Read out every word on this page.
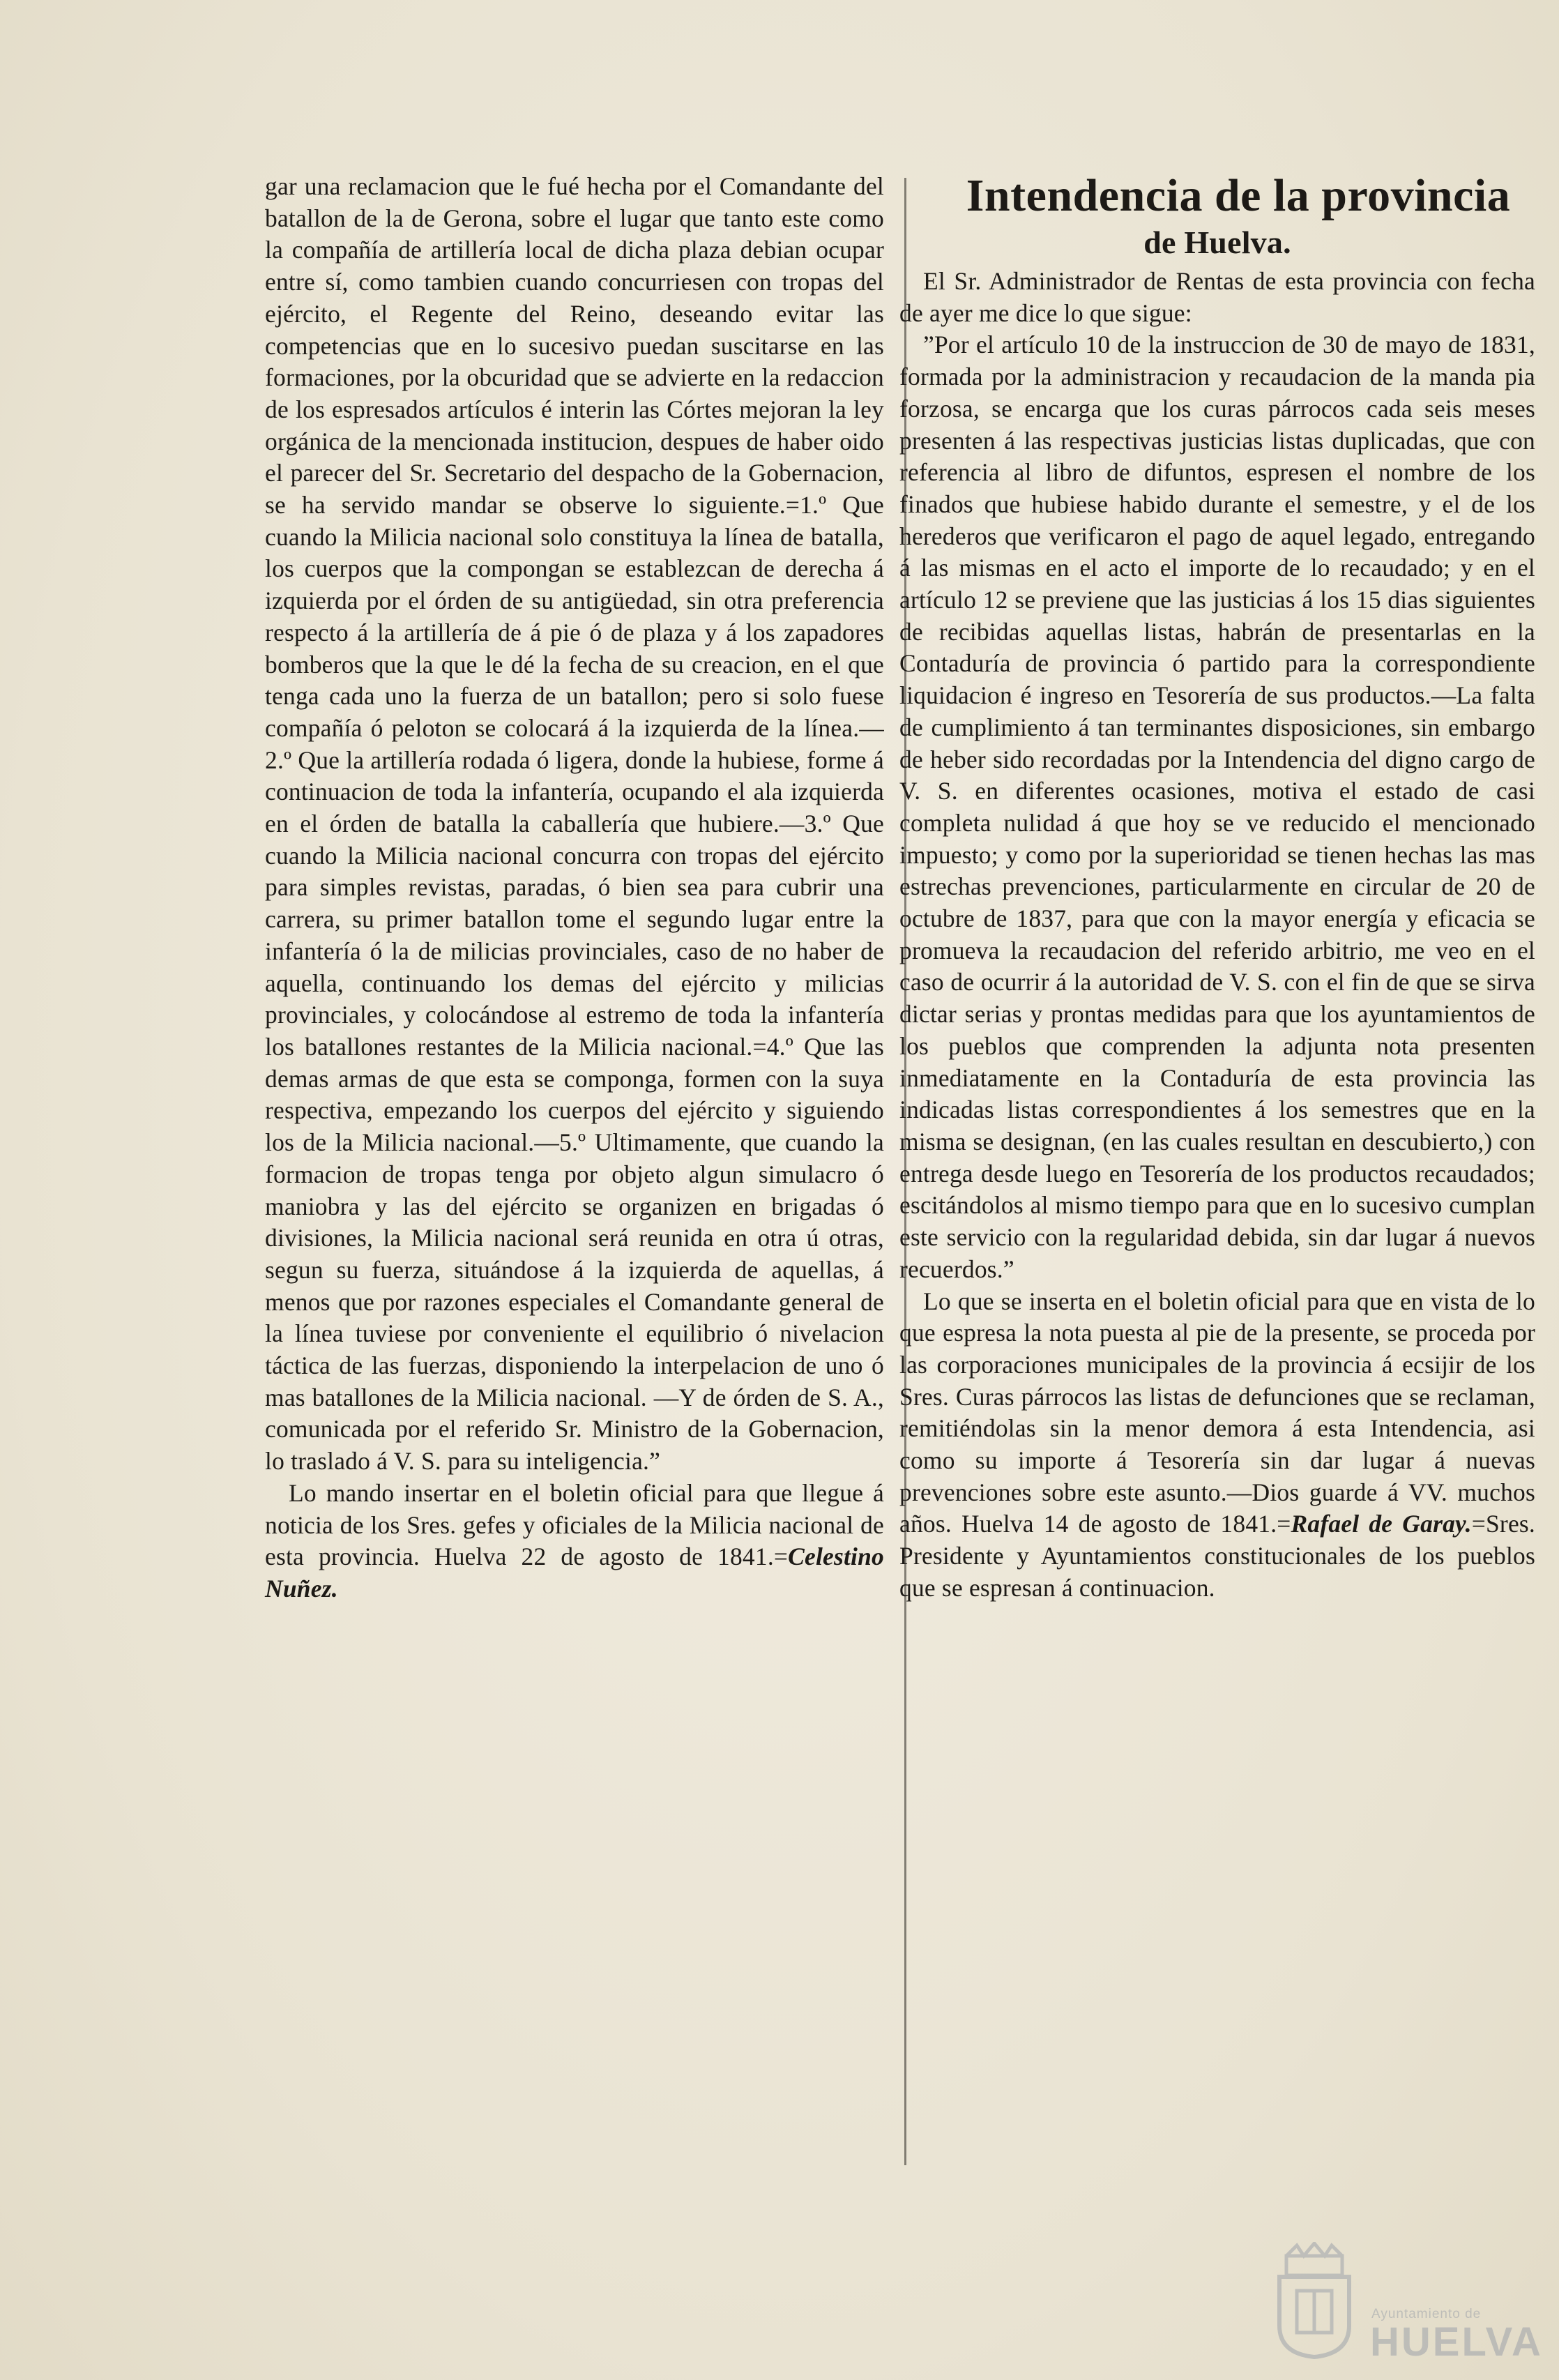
gar una reclamacion que le fué hecha por el Comandante del batallon de la de Gerona, sobre el lugar que tanto este como la compañía de artillería local de dicha plaza debian ocupar entre sí, como tambien cuando concurriesen con tropas del ejército, el Regente del Reino, deseando evitar las competencias que en lo sucesivo puedan suscitarse en las formaciones, por la obcuridad que se advierte en la redaccion de los espresados artículos é interin las Córtes mejoran la ley orgánica de la mencionada institucion, despues de haber oido el parecer del Sr. Secretario del despacho de la Gobernacion, se ha servido mandar se observe lo siguiente.=1.º Que cuando la Milicia nacional solo constituya la línea de batalla, los cuerpos que la compongan se establezcan de derecha á izquierda por el órden de su antigüedad, sin otra preferencia respecto á la artillería de á pie ó de plaza y á los zapadores bomberos que la que le dé la fecha de su creacion, en el que tenga cada uno la fuerza de un batallon; pero si solo fuese compañía ó peloton se colocará á la izquierda de la línea.—2.º Que la artillería rodada ó ligera, donde la hubiese, forme á continuacion de toda la infantería, ocupando el ala izquierda en el órden de batalla la caballería que hubiere.—3.º Que cuando la Milicia nacional concurra con tropas del ejército para simples revistas, paradas, ó bien sea para cubrir una carrera, su primer batallon tome el segundo lugar entre la infantería ó la de milicias provinciales, caso de no haber de aquella, continuando los demas del ejército y milicias provinciales, y colocándose al estremo de toda la infantería los batallones restantes de la Milicia nacional.=4.º Que las demas armas de que esta se componga, formen con la suya respectiva, empezando los cuerpos del ejército y siguiendo los de la Milicia nacional.—5.º Ultimamente, que cuando la formacion de tropas tenga por objeto algun simulacro ó maniobra y las del ejército se organizen en brigadas ó divisiones, la Milicia nacional será reunida en otra ú otras, segun su fuerza, situándose á la izquierda de aquellas, á menos que por razones especiales el Comandante general de la línea tuviese por conveniente el equilibrio ó nivelacion táctica de las fuerzas, disponiendo la interpelacion de uno ó mas batallones de la Milicia nacional. —Y de órden de S. A., comunicada por el referido Sr. Ministro de la Gobernacion, lo traslado á V. S. para su inteligencia.”

Lo mando insertar en el boletin oficial para que llegue á noticia de los Sres. gefes y oficiales de la Milicia nacional de esta provincia. Huelva 22 de agosto de 1841.=Celestino Nuñez.

Intendencia de la provincia
de Huelva.

El Sr. Administrador de Rentas de esta provincia con fecha de ayer me dice lo que sigue:

”Por el artículo 10 de la instruccion de 30 de mayo de 1831, formada por la administracion y recaudacion de la manda pia forzosa, se encarga que los curas párrocos cada seis meses presenten á las respectivas justicias listas duplicadas, que con referencia al libro de difuntos, espresen el nombre de los finados que hubiese habido durante el semestre, y el de los herederos que verificaron el pago de aquel legado, entregando á las mismas en el acto el importe de lo recaudado; y en el artículo 12 se previene que las justicias á los 15 dias siguientes de recibidas aquellas listas, habrán de presentarlas en la Contaduría de provincia ó partido para la correspondiente liquidacion é ingreso en Tesorería de sus productos.—La falta de cumplimiento á tan terminantes disposiciones, sin embargo de heber sido recordadas por la Intendencia del digno cargo de V. S. en diferentes ocasiones, motiva el estado de casi completa nulidad á que hoy se ve reducido el mencionado impuesto; y como por la superioridad se tienen hechas las mas estrechas prevenciones, particularmente en circular de 20 de octubre de 1837, para que con la mayor energía y eficacia se promueva la recaudacion del referido arbitrio, me veo en el caso de ocurrir á la autoridad de V. S. con el fin de que se sirva dictar serias y prontas medidas para que los ayuntamientos de los pueblos que comprenden la adjunta nota presenten inmediatamente en la Contaduría de esta provincia las indicadas listas correspondientes á los semestres que en la misma se designan, (en las cuales resultan en descubierto,) con entrega desde luego en Tesorería de los productos recaudados; escitándolos al mismo tiempo para que en lo sucesivo cumplan este servicio con la regularidad debida, sin dar lugar á nuevos recuerdos.”

Lo que se inserta en el boletin oficial para que en vista de lo que espresa la nota puesta al pie de la presente, se proceda por las corporaciones municipales de la provincia á ecsijir de los Sres. Curas párrocos las listas de defunciones que se reclaman, remitiéndolas sin la menor demora á esta Intendencia, asi como su importe á Tesorería sin dar lugar á nuevas prevenciones sobre este asunto.—Dios guarde á VV. muchos años. Huelva 14 de agosto de 1841.=Rafael de Garay.=Sres. Presidente y Ayuntamientos constitucionales de los pueblos que se espresan á continuacion.

Ayuntamiento de
HUELVA
